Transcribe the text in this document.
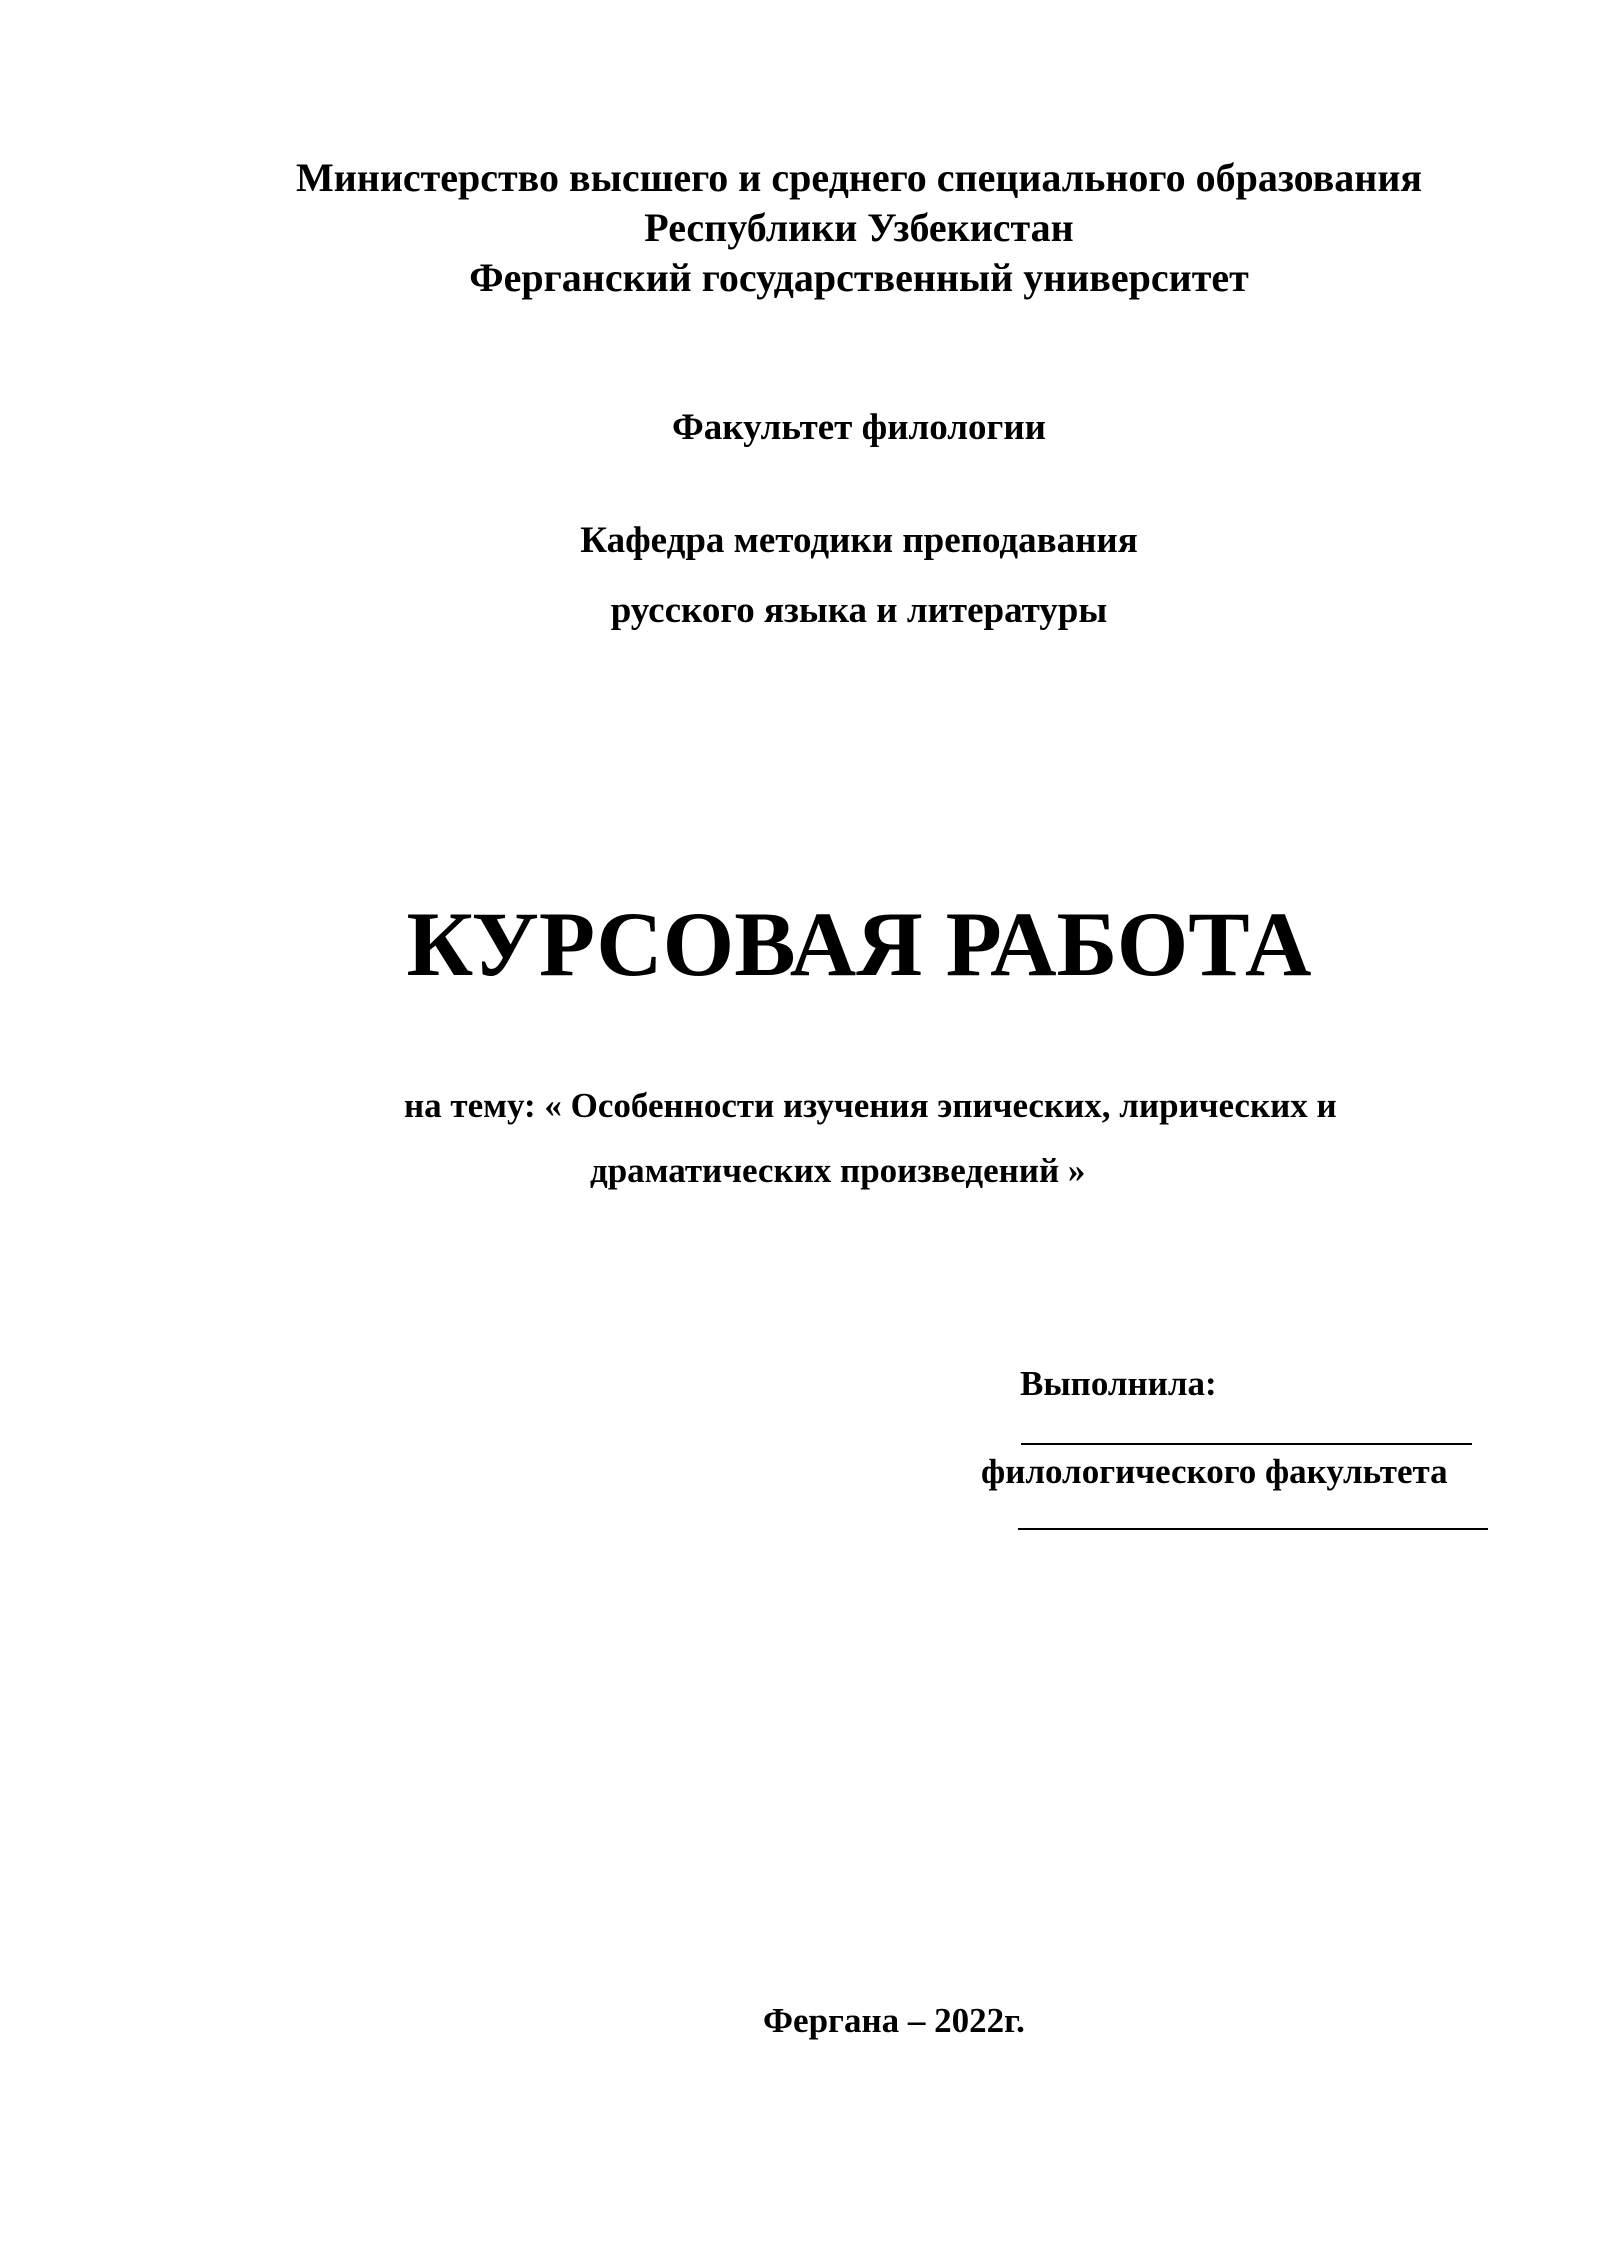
Министерство высшего и среднего специального образования
Республики Узбекистан
Ферганский государственный университет
Факультет филологии
Кафедра методики преподавания
русского языка и литературы
КУРСОВАЯ РАБОТА
на тему: « Особенности изучения эпических, лирических и
драматических произведений »
Выполнила:
филологического факультета
Фергана – 2022г.
